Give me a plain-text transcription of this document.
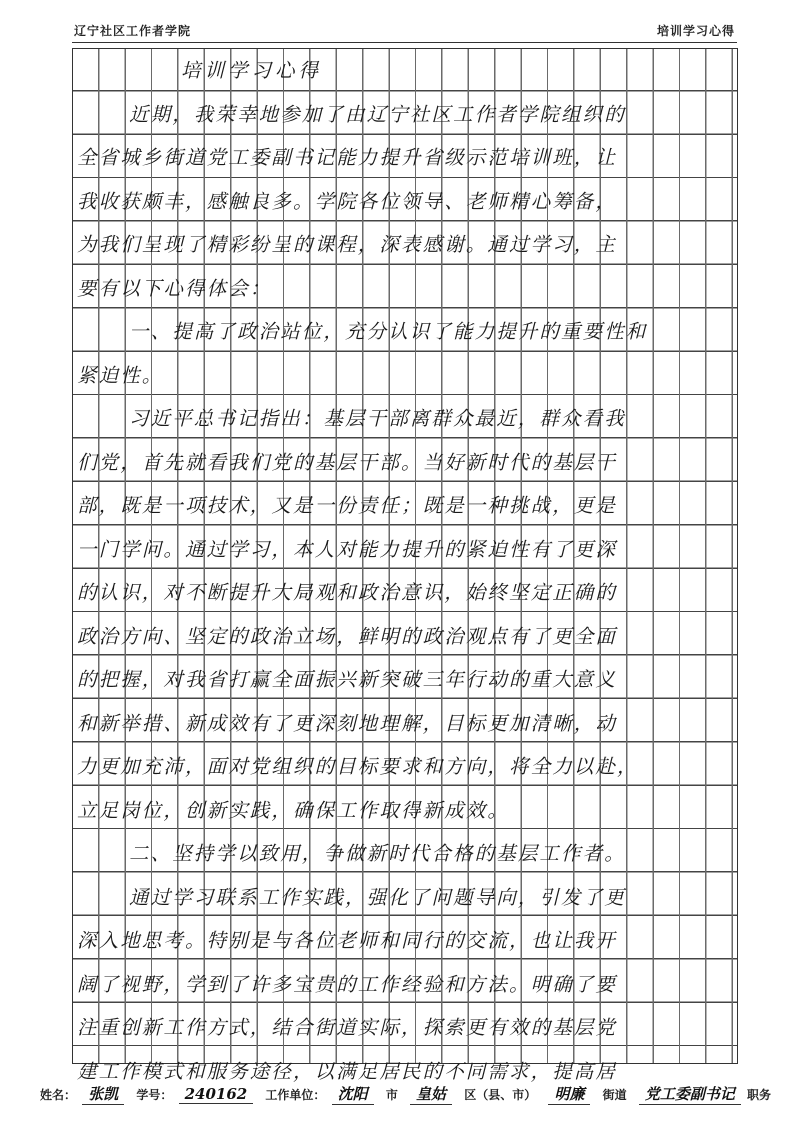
辽宁社区工作者学院	培训学习心得
培训学习心得
近期，我荣幸地参加了由辽宁社区工作者学院组织的
全省城乡街道党工委副书记能力提升省级示范培训班，让
我收获颇丰，感触良多。学院各位领导、老师精心筹备，
为我们呈现了精彩纷呈的课程，深表感谢。通过学习，主
要有以下心得体会：
一、提高了政治站位，充分认识了能力提升的重要性和
紧迫性。
习近平总书记指出：基层干部离群众最近，群众看我
们党，首先就看我们党的基层干部。当好新时代的基层干
部，既是一项技术，又是一份责任；既是一种挑战，更是
一门学问。通过学习，本人对能力提升的紧迫性有了更深
的认识，对不断提升大局观和政治意识，始终坚定正确的
政治方向、坚定的政治立场，鲜明的政治观点有了更全面
的把握，对我省打赢全面振兴新突破三年行动的重大意义
和新举措、新成效有了更深刻地理解，目标更加清晰，动
力更加充沛，面对党组织的目标要求和方向，将全力以赴，
立足岗位，创新实践，确保工作取得新成效。
二、坚持学以致用，争做新时代合格的基层工作者。
通过学习联系工作实践，强化了问题导向，引发了更
深入地思考。特别是与各位老师和同行的交流，也让我开
阔了视野，学到了许多宝贵的工作经验和方法。明确了要
注重创新工作方式，结合街道实际，探索更有效的基层党
建工作模式和服务途径，以满足居民的不同需求，提高居
姓名： 张凯 学号： 240162 工作单位： 沈阳 市 皇姑 区（县、市） 明廉 街道 党工委副书记 职务
